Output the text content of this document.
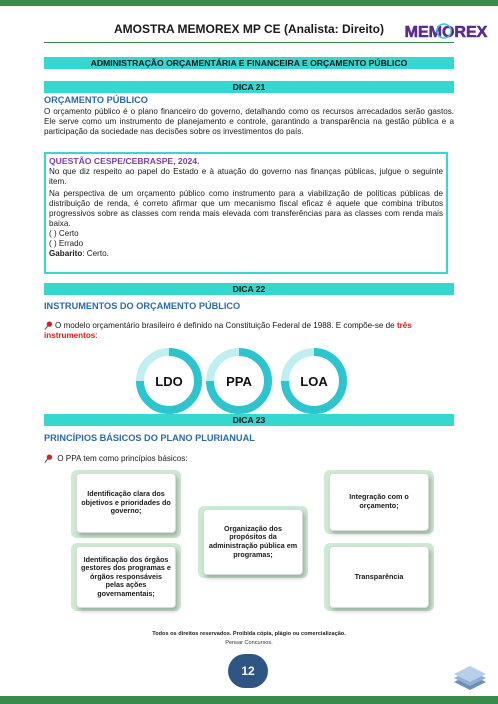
AMOSTRA MEMOREX MP CE (Analista: Direito)	MEMOREX
ADMINISTRAÇÃO ORÇAMENTÁRIA E FINANCEIRA E ORÇAMENTO PÚBLICO
DICA 21
ORÇAMENTO PÚBLICO
O orçamento público é o plano financeiro do governo, detalhando como os recursos arrecadados serão gastos. Ele serve como um instrumento de planejamento e controle, garantindo a transparência na gestão pública e a participação da sociedade nas decisões sobre os investimentos do país.
QUESTÃO CESPE/CEBRASPE, 2024.

No que diz respeito ao papel do Estado e à atuação do governo nas finanças públicas, julgue o seguinte item.

Na perspectiva de um orçamento público como instrumento para a viabilização de políticas públicas de distribuição de renda, é correto afirmar que um mecanismo fiscal eficaz é aquele que combina tributos progressivos sobre as classes com renda mais elevada com transferências para as classes com renda mais baixa.

( ) Certo

( ) Errado

Gabarito: Certo.

DICA 22
INSTRUMENTOS DO ORÇAMENTO PÚBLICO
O modelo orçamentário brasileiro é definido na Constituição Federal de 1988. E compõe-se de três instrumentos:
LDO	PPA	LOA
DICA 23
PRINCÍPIOS BÁSICOS DO PLANO PLURIANUAL
O PPA tem como princípios básicos:
Identificação clara dos objetivos e prioridades do governo;
Identificação dos órgãos gestores dos programas e órgãos responsáveis pelas ações governamentais;
Organização dos propósitos da administração pública em programas;
Integração com o orçamento;
Transparência
Todos os direitos reservados. Proibida cópia, plágio ou comercialização.
Pensar Concursos.
12
